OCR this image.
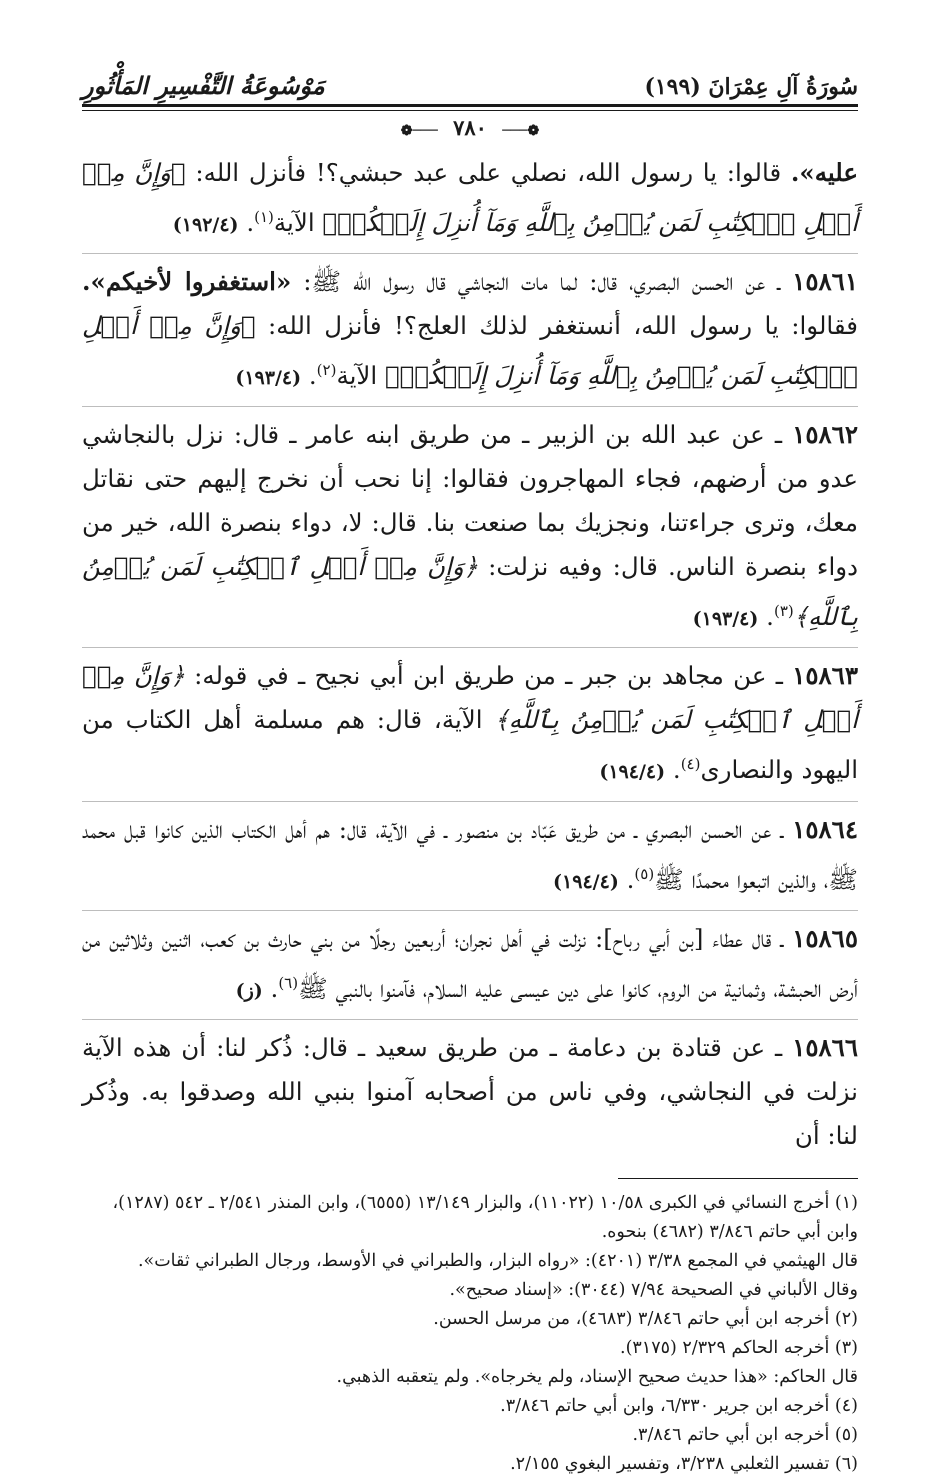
سُورَةُ آلِ عِمْرَانَ (١٩٩)
مَوْسُوعَةُ التَّفْسِيرِ المَأْثُورِ
❁─── ٧٨٠ ───❁
عليه». قالوا: يا رسول الله، نصلي على عبد حبشي؟! فأنزل الله: ﴿وَإِنَّ مِنۡ أَهۡلِ ٱلۡكِتَٰبِ لَمَن يُؤۡمِنُ بِٱللَّهِ وَمَآ أُنزِلَ إِلَيۡكُمۡ﴾ الآية$^{(١)}$. (١٩٢/٤)
١٥٨٦١ ـ عن الحسن البصري، قال: لما مات النجاشي قال رسول الله ﷺ: «استغفروا لأخيكم». فقالوا: يا رسول الله، أنستغفر لذلك العلج؟! فأنزل الله: ﴿وَإِنَّ مِنۡ أَهۡلِ ٱلۡكِتَٰبِ لَمَن يُؤۡمِنُ بِٱللَّهِ وَمَآ أُنزِلَ إِلَيۡكُمۡ﴾ الآية$^{(٢)}$. (١٩٣/٤)
١٥٨٦٢ ـ عن عبد الله بن الزبير ـ من طريق ابنه عامر ـ قال: نزل بالنجاشي عدو من أرضهم، فجاء المهاجرون فقالوا: إنا نحب أن نخرج إليهم حتى نقاتل معك، وترى جراءتنا، ونجزيك بما صنعت بنا. قال: لا، دواء بنصرة الله، خير من دواء بنصرة الناس. قال: وفيه نزلت: ﴿وَإِنَّ مِنۡ أَهۡلِ ٱلۡكِتَٰبِ لَمَن يُؤۡمِنُ بِٱللَّهِ﴾$^{(٣)}$. (١٩٣/٤)
١٥٨٦٣ ـ عن مجاهد بن جبر ـ من طريق ابن أبي نجيح ـ في قوله: ﴿وَإِنَّ مِنۡ أَهۡلِ ٱلۡكِتَٰبِ لَمَن يُؤۡمِنُ بِٱللَّهِ﴾ الآية، قال: هم مسلمة أهل الكتاب من اليهود والنصارى$^{(٤)}$. (١٩٤/٤)
١٥٨٦٤ ـ عن الحسن البصري ـ من طريق عَبّاد بن منصور ـ في الآية، قال: هم أهل الكتاب الذين كانوا قبل محمد ﷺ، والذين اتبعوا محمدًا ﷺ$^{(٥)}$. (١٩٤/٤)
١٥٨٦٥ ـ قال عطاء [بن أبي رباح]: نزلت في أهل نجران؛ أربعين رجلًا من بني حارث بن كعب، اثنين وثلاثين من أرض الحبشة، وثمانية من الروم، كانوا على دين عيسى عليه السلام، فآمنوا بالنبي ﷺ$^{(٦)}$. (ز)
١٥٨٦٦ ـ عن قتادة بن دعامة ـ من طريق سعيد ـ قال: ذُكر لنا: أن هذه الآية نزلت في النجاشي، وفي ناس من أصحابه آمنوا بنبي الله وصدقوا به. وذُكر لنا: أن

(١) أخرج النسائي في الكبرى ١٠/٥٨ (١١٠٢٢)، والبزار ١٣/١٤٩ (٦٥٥٥)، وابن المنذر ٢/٥٤١ ـ ٥٤٢ (١٢٨٧)، وابن أبي حاتم ٣/٨٤٦ (٤٦٨٢) بنحوه.

قال الهيثمي في المجمع ٣/٣٨ (٤٢٠١): «رواه البزار، والطبراني في الأوسط، ورجال الطبراني ثقات».

وقال الألباني في الصحيحة ٧/٩٤ (٣٠٤٤): «إسناد صحيح».

(٢) أخرجه ابن أبي حاتم ٣/٨٤٦ (٤٦٨٣)، من مرسل الحسن.

(٣) أخرجه الحاكم ٢/٣٢٩ (٣١٧٥).

قال الحاكم: «هذا حديث صحيح الإسناد، ولم يخرجاه». ولم يتعقبه الذهبي.

(٤) أخرجه ابن جرير ٦/٣٣٠، وابن أبي حاتم ٣/٨٤٦.

(٥) أخرجه ابن أبي حاتم ٣/٨٤٦.

(٦) تفسير الثعلبي ٣/٢٣٨، وتفسير البغوي ٢/١٥٥.
